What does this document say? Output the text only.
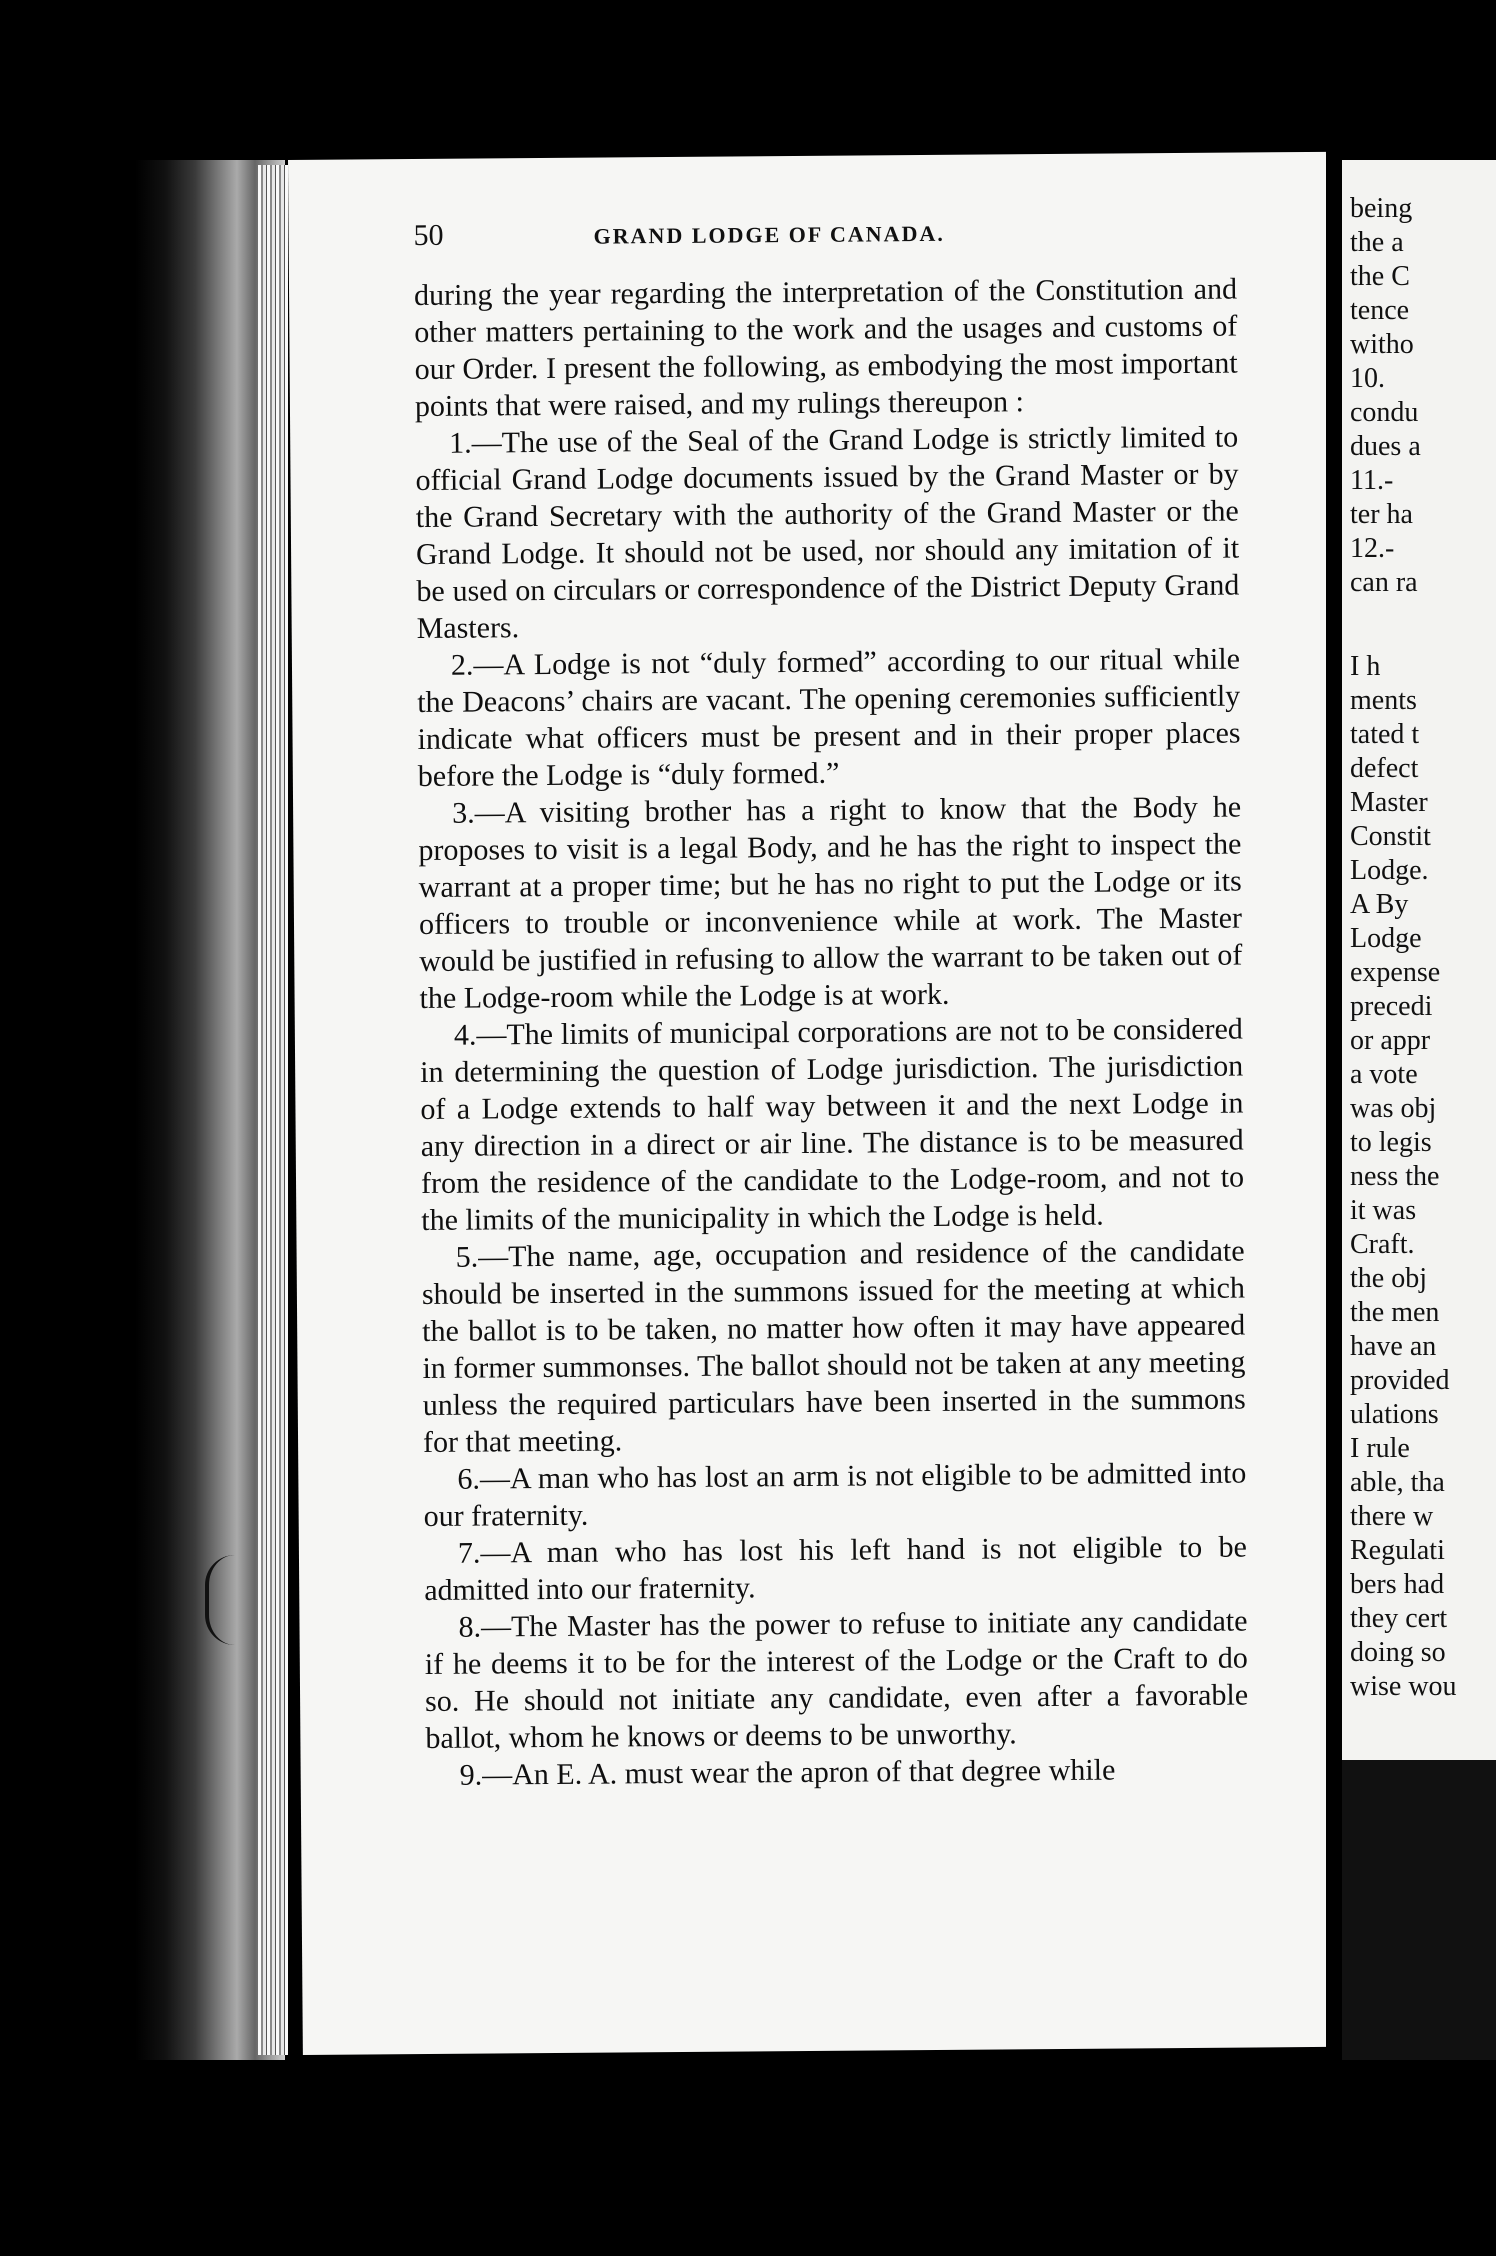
50	GRAND LODGE OF CANADA.

during the year regarding the interpretation of the Constitution and other matters pertaining to the work and the usages and customs of our Order. I present the following, as embodying the most important points that were raised, and my rulings thereupon :

1.—The use of the Seal of the Grand Lodge is strictly limited to official Grand Lodge documents issued by the Grand Master or by the Grand Secretary with the authority of the Grand Master or the Grand Lodge. It should not be used, nor should any imitation of it be used on circulars or correspondence of the District Deputy Grand Masters.

2.—A Lodge is not “duly formed” according to our ritual while the Deacons’ chairs are vacant. The opening ceremonies sufficiently indicate what officers must be present and in their proper places before the Lodge is “duly formed.”

3.—A visiting brother has a right to know that the Body he proposes to visit is a legal Body, and he has the right to inspect the warrant at a proper time; but he has no right to put the Lodge or its officers to trouble or inconvenience while at work. The Master would be justified in refusing to allow the warrant to be taken out of the Lodge-room while the Lodge is at work.

4.—The limits of municipal corporations are not to be considered in determining the question of Lodge jurisdiction. The jurisdiction of a Lodge extends to half way between it and the next Lodge in any direction in a direct or air line. The distance is to be measured from the residence of the candidate to the Lodge-room, and not to the limits of the municipality in which the Lodge is held.

5.—The name, age, occupation and residence of the candidate should be inserted in the summons issued for the meeting at which the ballot is to be taken, no matter how often it may have appeared in former summonses. The ballot should not be taken at any meeting unless the required particulars have been inserted in the summons for that meeting.

6.—A man who has lost an arm is not eligible to be admitted into our fraternity.

7.—A man who has lost his left hand is not eligible to be admitted into our fraternity.

8.—The Master has the power to refuse to initiate any candidate if he deems it to be for the interest of the Lodge or the Craft to do so. He should not initiate any candidate, even after a favorable ballot, whom he knows or deems to be unworthy.

9.—An E. A. must wear the apron of that degree while

being
the a
the C
tence
witho
10.
condu
dues a
11.-
ter ha
12.-
can ra
I h
ments
tated t
defect
Master
Constit
Lodge.
A By
Lodge
expense
precedi
or appr
a vote
was obj
to legis
ness the
it was
Craft.
the obj
the men
have an
provided
ulations
I rule
able, tha
there w
Regulati
bers had
they cert
doing so
wise wou
